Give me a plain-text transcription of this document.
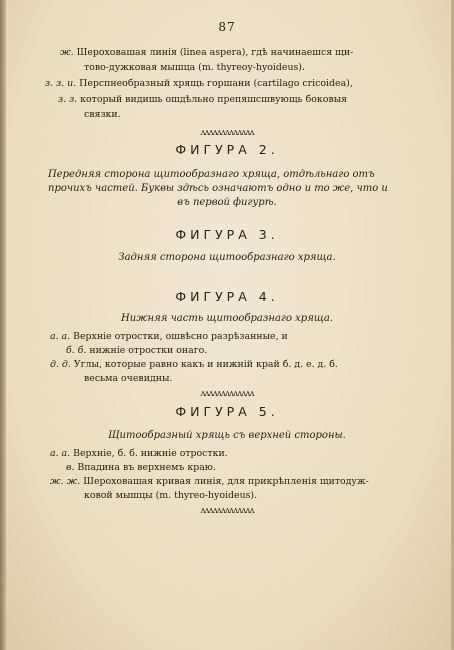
87
ж. Шероховашая линія (linea aspera), гдѣ начинаешся щи-
тово-дужковая мышца (m. thyreoy-hyoideus).
з. з. и. Перспнеобразный хрящь горшани (cartilago cricoidea),
з. з. который видишь ошдѣльно препяшсшвующь боковыя
связки.
ᴧᴧᴧᴧᴧᴧᴧᴧᴧᴧᴧᴧᴧ
ФИГУРА 2.
Передняя сторона щитообразнаго хряща, отдѣльнаго отъ
прочихъ частей. Буквы здѣсь означаютъ одно и то же, что и
въ первой фигурѣ.
ФИГУРА 3.
Задняя сторона щитообразнаго хряща.
ФИГУРА 4.
Нижняя часть щитообразнаго хряща.
а. а. Верхніе отростки, ошвѣсно разрѣзанные, и
б. б. нижніе отростки онаго.
д. д. Углы, которые равно какъ и нижній край б. д. е. д. б.
весьма очевидны.
ᴧᴧᴧᴧᴧᴧᴧᴧᴧᴧᴧᴧᴧ
ФИГУРА 5.
Щитообразный хрящь съ верхней стороны.
а. а. Верхніе, б. б. нижніе отростки.
в. Впадина въ верхнемъ краю.
ж. ж. Шероховашая кривая линія, для прикрѣпленія щитодуж-
ковой мышцы (m. thyreo-hyoideus).
ᴧᴧᴧᴧᴧᴧᴧᴧᴧᴧᴧᴧᴧ
